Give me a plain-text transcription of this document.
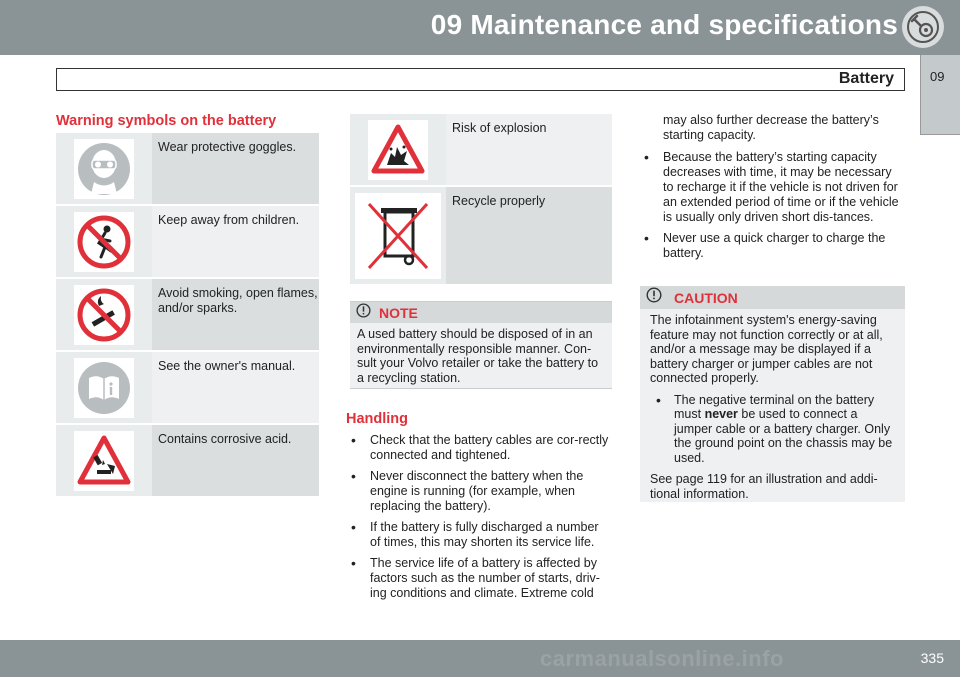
09 Maintenance and specifications
09
Battery
Warning symbols on the battery
Wear protective goggles.
Keep away from children.
Avoid smoking, open flames, and/or sparks.
See the owner's manual.
Contains corrosive acid.
Risk of explosion
Recycle properly
NOTE
A used battery should be disposed of in an environmentally responsible manner. Con-sult your Volvo retailer or take the battery to a recycling station.
Handling
• Check that the battery cables are cor-rectly connected and tightened.
• Never disconnect the battery when the engine is running (for example, when replacing the battery).
• If the battery is fully discharged a number of times, this may shorten its service life.
• The service life of a battery is affected by factors such as the number of starts, driv-ing conditions and climate. Extreme cold
may also further decrease the battery’s starting capacity.
• Because the battery’s starting capacity decreases with time, it may be necessary to recharge it if the vehicle is not driven for an extended period of time or if the vehicle is usually only driven short dis-tances.
• Never use a quick charger to charge the battery.
CAUTION
The infotainment system's energy-saving feature may not function correctly or at all, and/or a message may be displayed if a battery charger or jumper cables are not connected properly.
• The negative terminal on the battery must never be used to connect a jumper cable or a battery charger. Only the ground point on the chassis may be used.
See page 119 for an illustration and addi-tional information.
carmanualsonline.info	335
